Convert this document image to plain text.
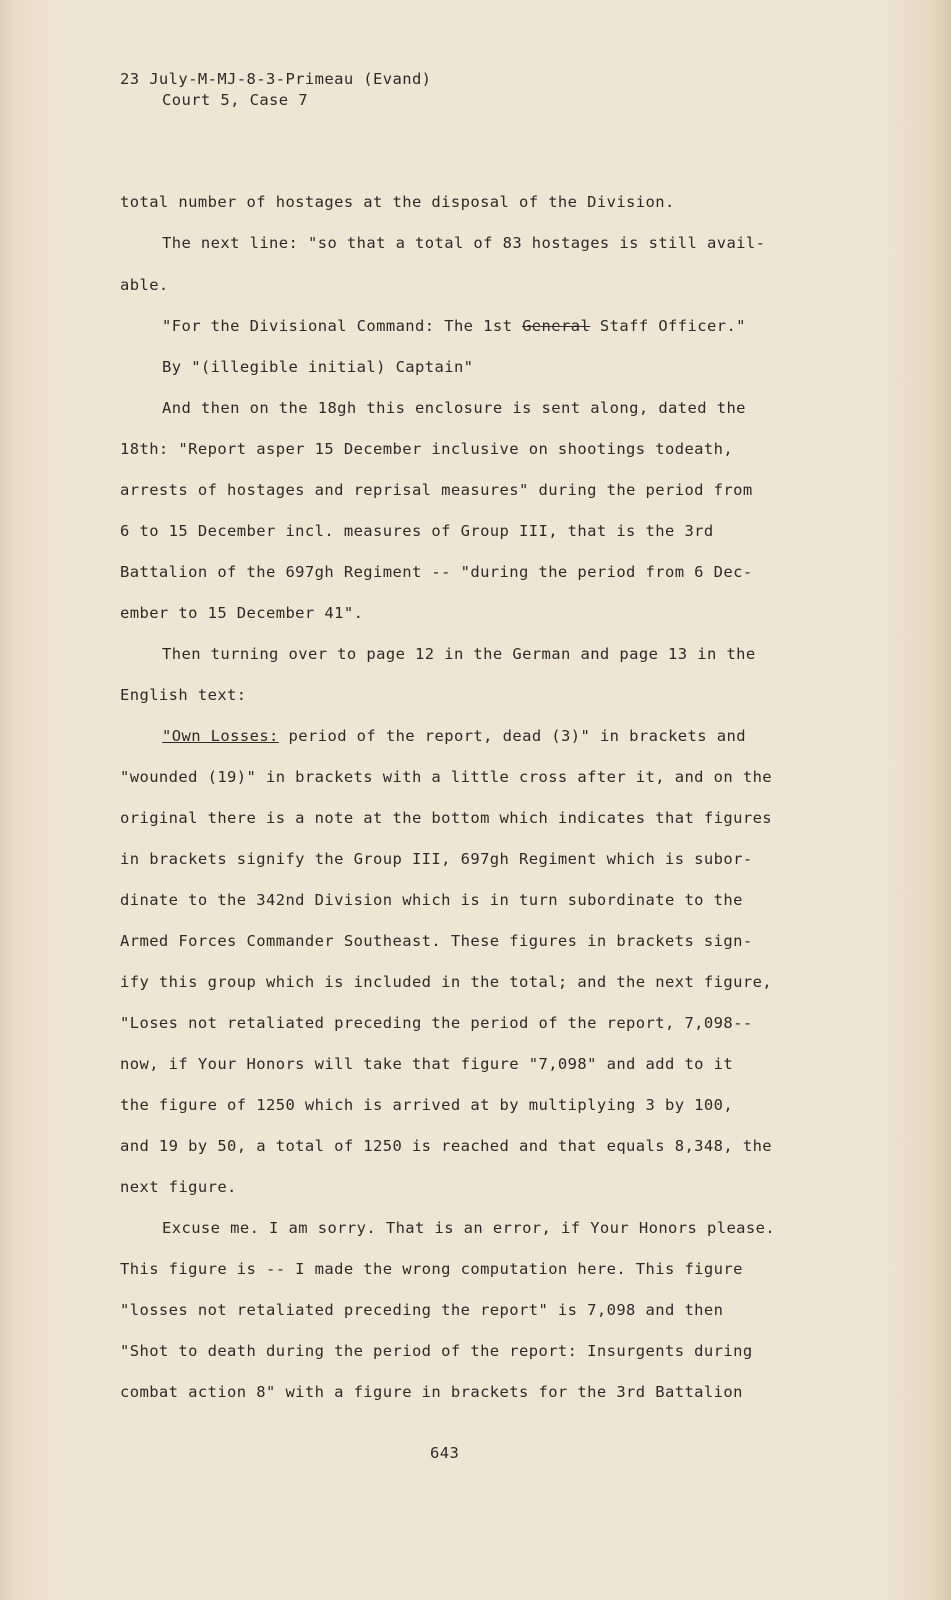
23 July-M-MJ-8-3-Primeau (Evand)
Court 5, Case 7
total number of hostages at the disposal of the Division.
The next line: "so that a total of 83 hostages is still avail-
able.
"For the Divisional Command: The 1st General Staff Officer."
By "(illegible initial) Captain"
And then on the 18gh this enclosure is sent along, dated the
18th: "Report asper 15 December inclusive on shootings todeath,
arrests of hostages and reprisal measures" during the period from
6 to 15 December incl. measures of Group III, that is the 3rd
Battalion of the 697gh Regiment -- "during the period from 6 Dec-
ember to 15 December 41".
Then turning over to page 12 in the German and page 13 in the
English text:
"Own Losses: period of the report, dead (3)" in brackets and
"wounded (19)" in brackets with a little cross after it, and on the
original there is a note at the bottom which indicates that figures
in brackets signify the Group III, 697gh Regiment which is subor-
dinate to the 342nd Division which is in turn subordinate to the
Armed Forces Commander Southeast. These figures in brackets sign-
ify this group which is included in the total; and the next figure,
"Loses not retaliated preceding the period of the report, 7,098--
now, if Your Honors will take that figure "7,098" and add to it
the figure of 1250 which is arrived at by multiplying 3 by 100,
and 19 by 50, a total of 1250 is reached and that equals 8,348, the
next figure.
Excuse me. I am sorry. That is an error, if Your Honors please.
This figure is -- I made the wrong computation here. This figure
"losses not retaliated preceding the report" is 7,098 and then
"Shot to death during the period of the report: Insurgents during
combat action 8" with a figure in brackets for the 3rd Battalion
643
